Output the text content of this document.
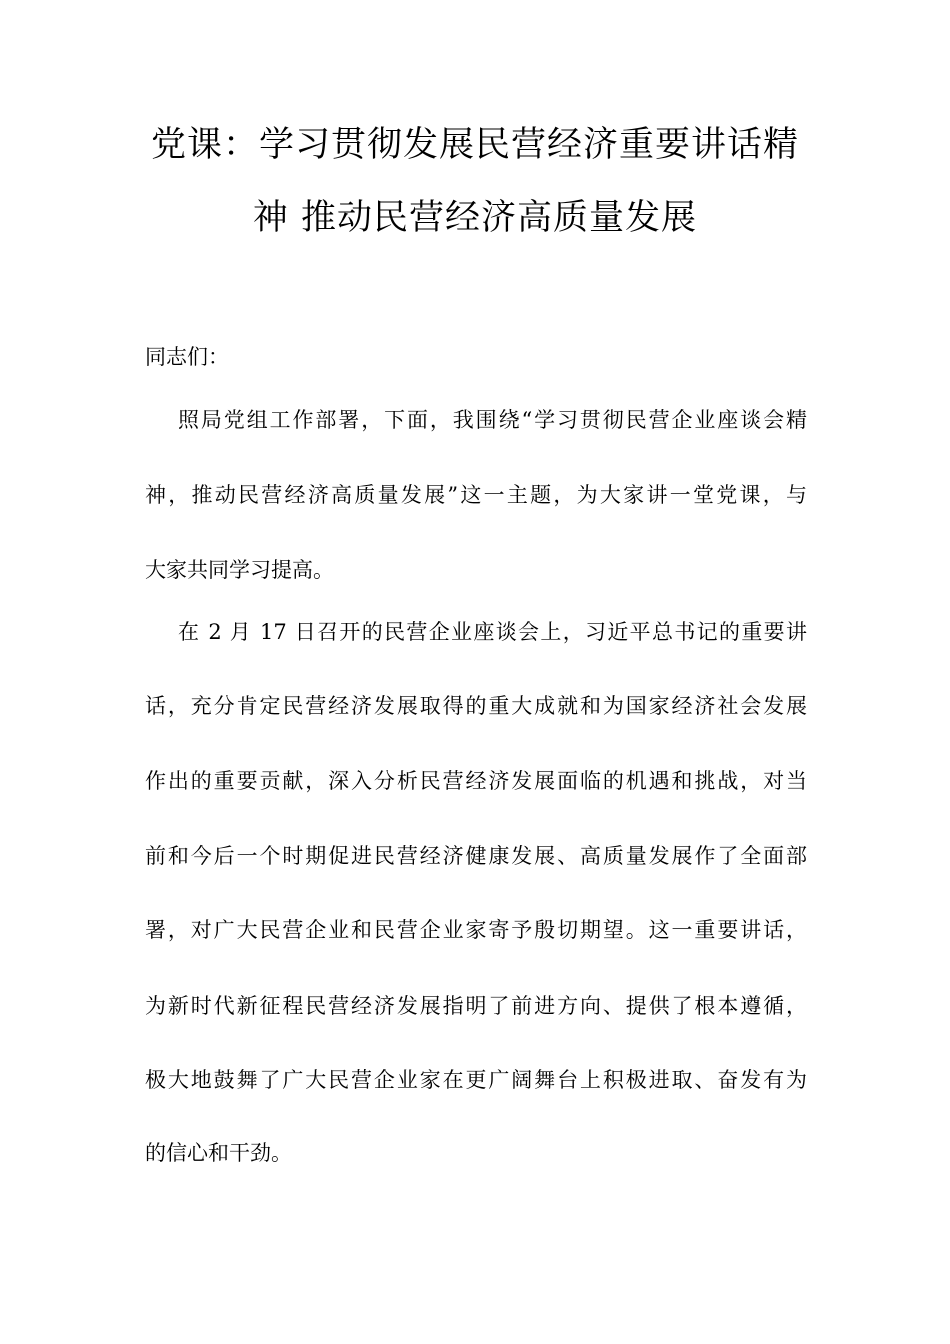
党课：学习贯彻发展民营经济重要讲话精
神 推动民营经济高质量发展
同志们：
照局党组工作部署，下面，我围绕“学习贯彻民营企业座谈会精
神，推动民营经济高质量发展”这一主题，为大家讲一堂党课，与
大家共同学习提高。
在 2 月 17 日召开的民营企业座谈会上，习近平总书记的重要讲
话，充分肯定民营经济发展取得的重大成就和为国家经济社会发展
作出的重要贡献，深入分析民营经济发展面临的机遇和挑战，对当
前和今后一个时期促进民营经济健康发展、高质量发展作了全面部
署，对广大民营企业和民营企业家寄予殷切期望。这一重要讲话，
为新时代新征程民营经济发展指明了前进方向、提供了根本遵循，
极大地鼓舞了广大民营企业家在更广阔舞台上积极进取、奋发有为
的信心和干劲。
